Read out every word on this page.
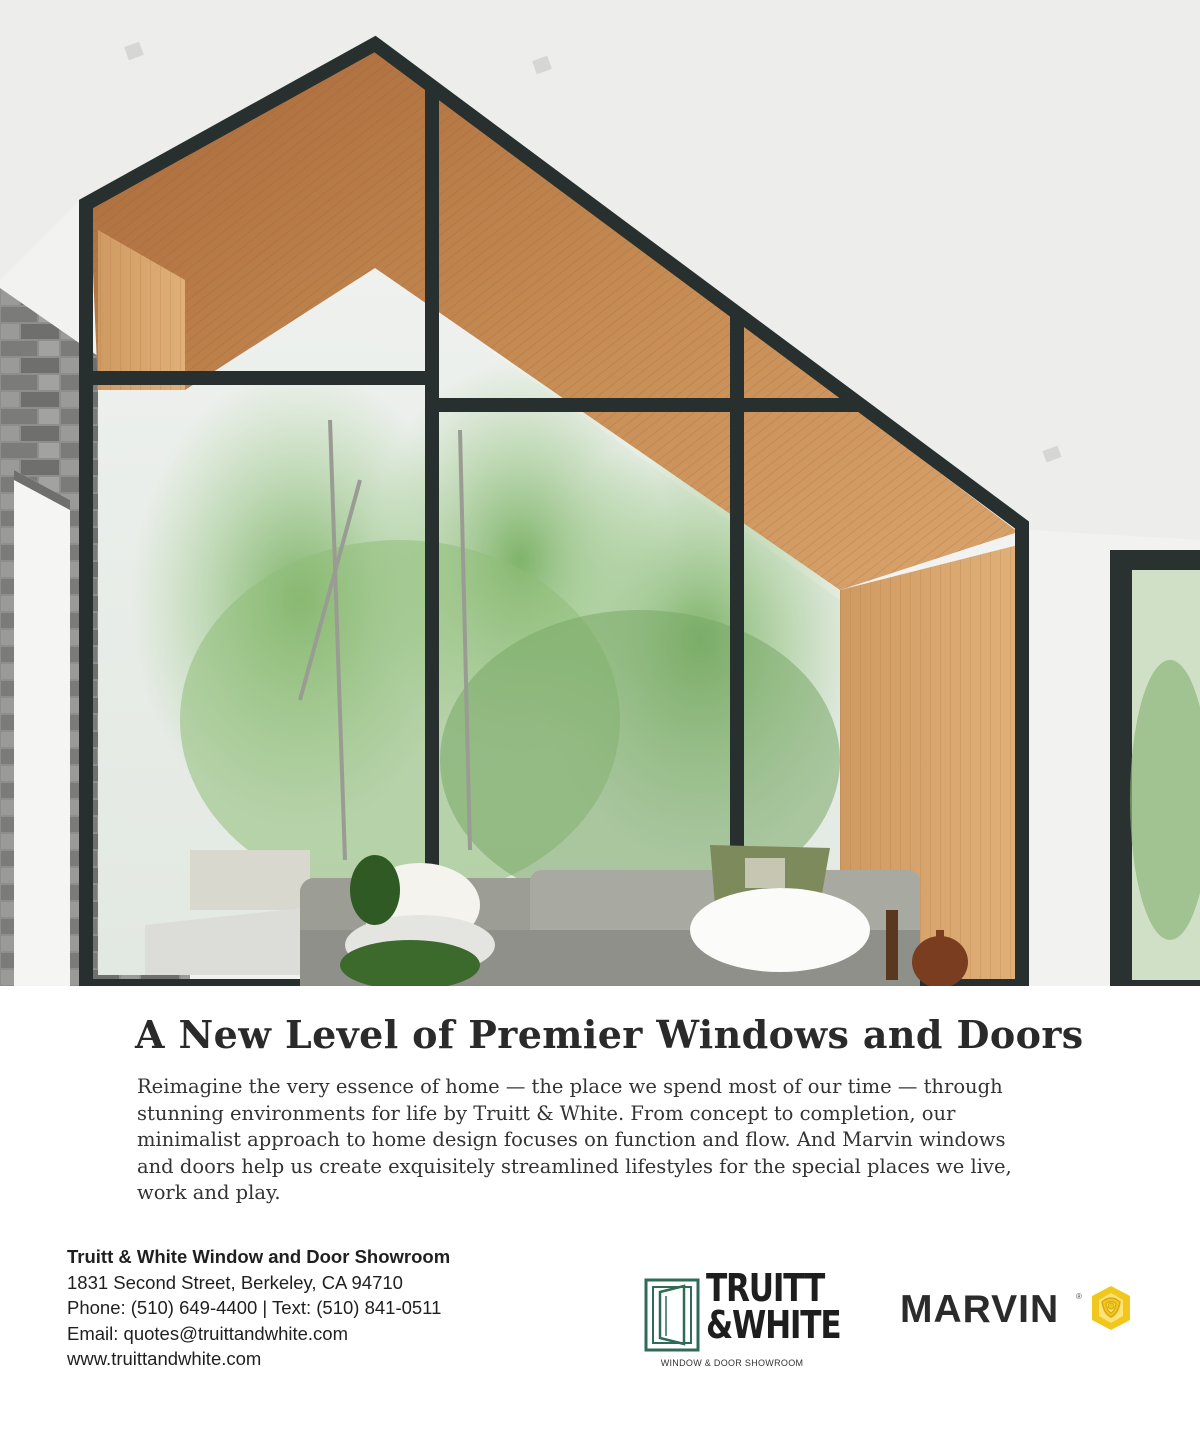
A New Level of Premier Windows and Doors

Reimagine the very essence of home — the place we spend most of our time — through
stunning environments for life by Truitt & White. From concept to completion, our
minimalist approach to home design focuses on function and flow. And Marvin windows
and doors help us create exquisitely streamlined lifestyles for the special places we live,
work and play.

Truitt & White Window and Door Showroom
1831 Second Street, Berkeley, CA 94710
Phone: (510) 649-4400 | Text: (510) 841-0511
Email: quotes@truittandwhite.com
www.truittandwhite.com
TRUITT
&WHITE
WINDOW & DOOR SHOWROOM
MARVIN ®
